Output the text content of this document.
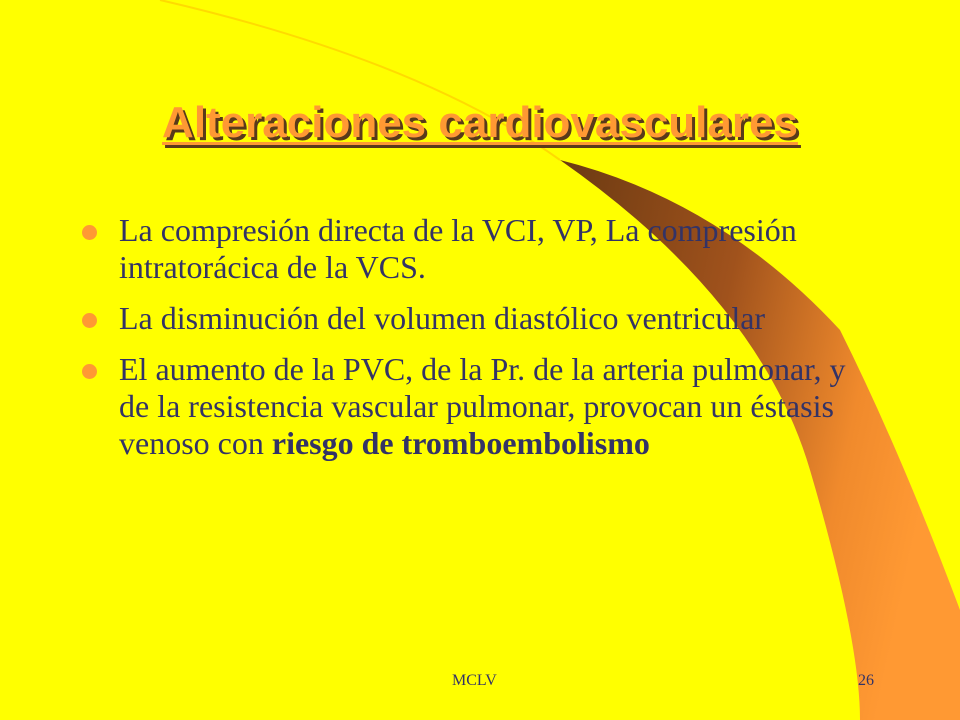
Alteraciones cardiovasculares
La compresión directa de la VCI, VP, La compresión intratorácica de la VCS.
La disminución del volumen diastólico ventricular
El aumento de la PVC, de la Pr. de la arteria pulmonar, y de la resistencia vascular pulmonar, provocan un éstasis venoso con riesgo de tromboembolismo
MCLV	26
